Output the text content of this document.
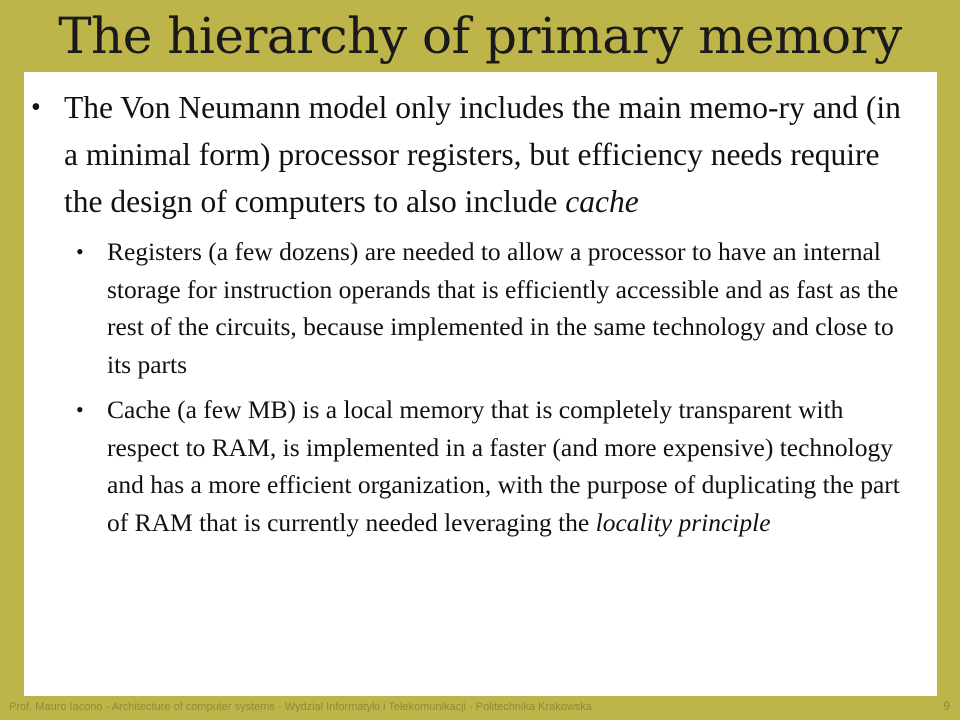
The hierarchy of primary memory
• The Von Neumann model only includes the main memo-ry and (in a minimal form) processor registers, but efficiency needs require the design of computers to also include cache
• Registers (a few dozens) are needed to allow a processor to have an internal storage for instruction operands that is efficiently accessible and as fast as the rest of the circuits, because implemented in the same technology and close to its parts
• Cache (a few MB) is a local memory that is completely transparent with respect to RAM, is implemented in a faster (and more expensive) technology and has a more efficient organization, with the purpose of duplicating the part of RAM that is currently needed leveraging the locality principle
Prof. Mauro Iacono - Architecture of computer systems - Wydział Informatyki i Telekomunikacji - Politechnika Krakowska	9
